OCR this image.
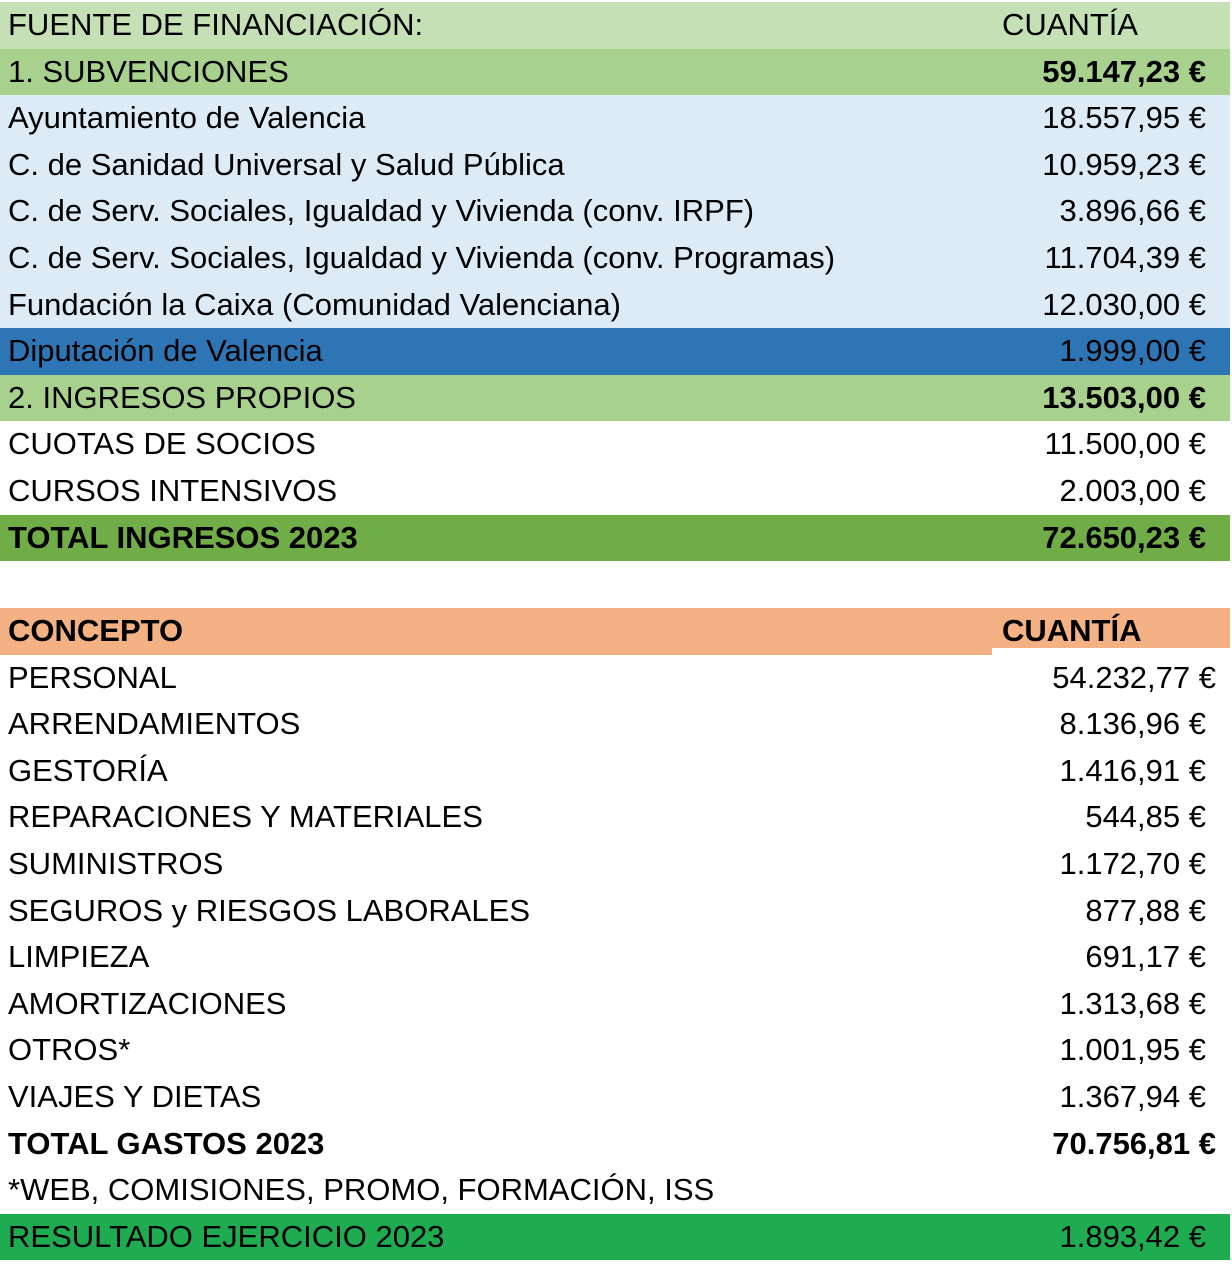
FUENTE DE FINANCIACIÓN:	CUANTÍA
1. SUBVENCIONES	59.147,23 €
Ayuntamiento de Valencia	18.557,95 €
C. de Sanidad Universal y Salud Pública	10.959,23 €
C. de Serv. Sociales, Igualdad y Vivienda (conv. IRPF)	3.896,66 €
C. de Serv. Sociales, Igualdad y Vivienda (conv. Programas)	11.704,39 €
Fundación la Caixa (Comunidad Valenciana)	12.030,00 €
Diputación de Valencia	1.999,00 €
2. INGRESOS PROPIOS	13.503,00 €
CUOTAS DE SOCIOS	11.500,00 €
CURSOS INTENSIVOS	2.003,00 €
TOTAL INGRESOS 2023	72.650,23 €
CONCEPTO	CUANTÍA
PERSONAL	54.232,77 €
ARRENDAMIENTOS	8.136,96 €
GESTORÍA	1.416,91 €
REPARACIONES Y MATERIALES	544,85 €
SUMINISTROS	1.172,70 €
SEGUROS y RIESGOS LABORALES	877,88 €
LIMPIEZA	691,17 €
AMORTIZACIONES	1.313,68 €
OTROS*	1.001,95 €
VIAJES Y DIETAS	1.367,94 €
TOTAL GASTOS 2023	70.756,81 €
*WEB, COMISIONES, PROMO, FORMACIÓN, ISS
RESULTADO EJERCICIO 2023	1.893,42 €
